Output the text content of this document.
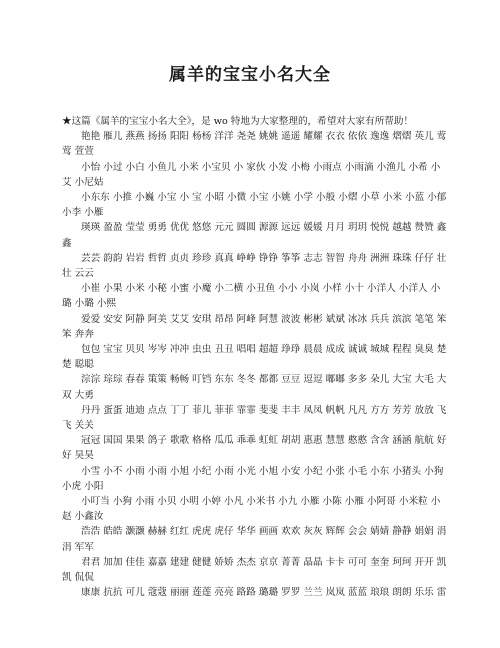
属羊的宝宝小名大全

★这篇《属羊的宝宝小名大全》，是 wo 特地为大家整理的，希望对大家有所帮助！

艳艳 雁儿 燕燕 扬扬 阳阳 杨杨 洋洋 尧尧 姚姚 遥遥 耀耀 衣衣 依依 逸逸 熠熠 英儿 莺莺 萱萱

小怡 小过 小白 小鱼儿 小米 小宝贝 小 家伙 小发 小梅 小雨点 小雨滴 小渔儿 小希 小艾 小尼姑

小东东 小推 小巍 小宝 小 宝 小昭 小微 小宝 小姚 小学 小般 小熠 小草 小米 小蓝 小郁 小李 小雁

瑛瑛 盈盈 莹莹 勇勇 优优 悠悠 元元 圆圆 源源 远远 媛媛 月月 玥玥 悦悦 越越 赞赞 鑫鑫

芸芸 韵韵 岩岩 哲哲 贞贞 珍珍 真真 峥峥 铮铮 筝筝 志志 智智 舟舟 洲洲 珠珠 仔仔 壮壮 云云

小崔 小果 小米 小秘 小蜜 小魔 小二横 小丑鱼 小小 小岚 小样 小十 小洋人 小洋人 小璐 小璐 小熙

爱爱 安安 阿静 阿美 艾艾 安琪 昂昂 阿峰 阿慧 波波 彬彬 斌斌 冰冰 兵兵 滨滨 笔笔 笨笨 奔奔

包包 宝宝 贝贝 岑岑 冲冲 虫虫 丑丑 唱唱 超超 琤琤 晨晨 成成 诚诚 城城 程程 臭臭 楚楚 聪聪

淙淙 琮琮 春春 策策 畅畅 叮铛 东东 冬冬 都都 豆豆 逗逗 嘟嘟 多多 朵儿 大宝 大毛 大双 大勇

丹丹 蛋蛋 迪迪 点点 丁丁 菲儿 菲菲 霏霏 斐斐 丰丰 凤凤 帆帆 凡凡 方方 芳芳 放放 飞飞 关关

冠冠 国国 果果 鸽子 歌歌 格格 瓜瓜 乖乖 虹虹 胡胡 惠惠 慧慧 憨憨 含含 涵涵 航航 好好 昊昊

小雪 小不 小雨 小雨 小旭 小纪 小雨 小光 小旭 小安 小纪 小张 小毛 小东 小猪头 小狗 小虎 小阳

小叮当 小狗 小雨 小贝 小明 小婷 小凡 小米书 小九 小雁 小陈 小雁 小阿哥 小米粒 小赵 小鑫汝

浩浩 皓皓 灏灏 赫赫 红红 虎虎 虎仔 华华 画画 欢欢 灰灰 辉辉 会会 婧婧 静静 娟娟 涓涓 军军

君君 加加 佳佳 嘉嘉 建建 健健 娇娇 杰杰 京京 菁菁 晶晶 卡卡 可可 奎奎 珂珂 开开 凯凯 侃侃

康康 抗抗 可儿 蔻蔻 丽丽 莲莲 亮亮 路路 璐璐 罗罗 兰兰 岚岚 蓝蓝 琅琅 朗朗 乐乐 雷
